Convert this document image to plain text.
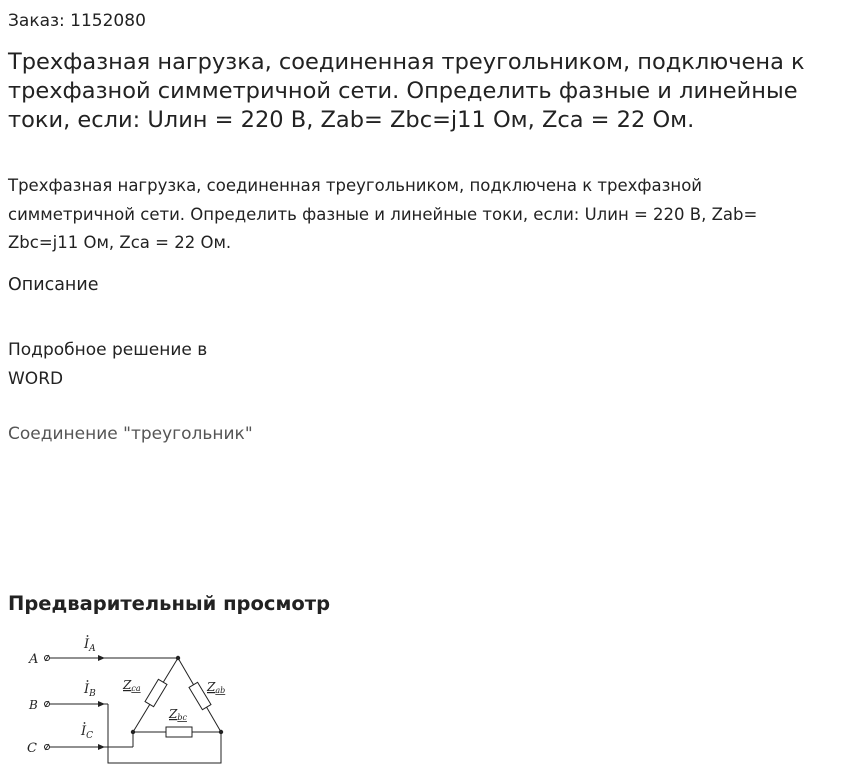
Заказ: 1152080
Трехфазная нагрузка, соединенная треугольником, подключена к трехфазной симметричной сети. Определить фазные и линейные токи, если: Uлин = 220 В, Zab= Zbc=j11 Ом, Zca = 22 Ом.
Трехфазная нагрузка, соединенная треугольником, подключена к трехфазной симметричной сети. Определить фазные и линейные токи, если: Uлин = 220 В, Zab= Zbc=j11 Ом, Zca = 22 Ом.
Описание
Подробное решение в WORD
Соединение "треугольник"
Предварительный просмотр
A
B
C
$I_A$
$I_B$
$I_C$
Zca	Zab
Zbc
